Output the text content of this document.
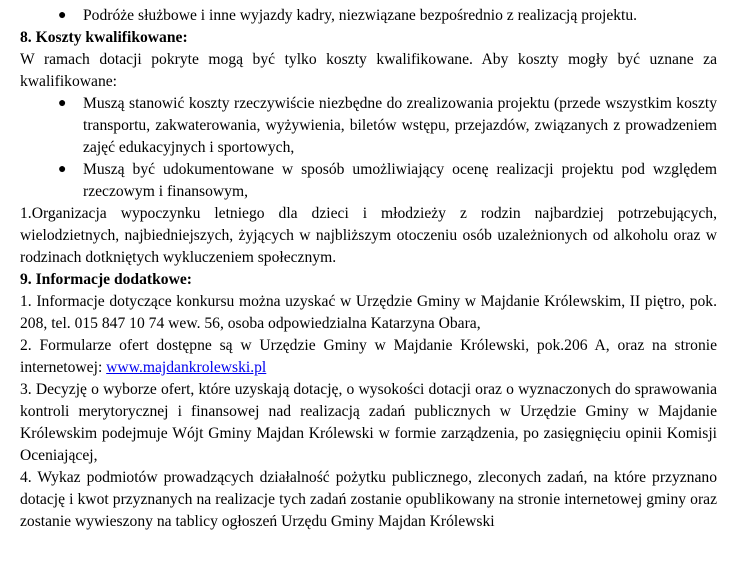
● Podróże służbowe i inne wyjazdy kadry, niezwiązane bezpośrednio z realizacją projektu.
8. Koszty kwalifikowane:
W ramach dotacji pokryte mogą być tylko koszty kwalifikowane. Aby koszty mogły być uznane za kwalifikowane:
● Muszą stanowić koszty rzeczywiście niezbędne do zrealizowania projektu (przede wszystkim koszty transportu, zakwaterowania, wyżywienia, biletów wstępu, przejazdów, związanych z prowadzeniem zajęć edukacyjnych i sportowych,
● Muszą być udokumentowane w sposób umożliwiający ocenę realizacji projektu pod względem rzeczowym i finansowym,
1.Organizacja wypoczynku letniego dla dzieci i młodzieży z rodzin najbardziej potrzebujących, wielodzietnych, najbiedniejszych, żyjących w najbliższym otoczeniu osób uzależnionych od alkoholu oraz w rodzinach dotkniętych wykluczeniem społecznym.
9. Informacje dodatkowe:
1. Informacje dotyczące konkursu można uzyskać w Urzędzie Gminy w Majdanie Królewskim, II piętro, pok. 208, tel. 015 847 10 74 wew. 56, osoba odpowiedzialna Katarzyna Obara,
2. Formularze ofert dostępne są w Urzędzie Gminy w Majdanie Królewski, pok.206 A, oraz na stronie internetowej: www.majdankrolewski.pl
3. Decyzję o wyborze ofert, które uzyskają dotację, o wysokości dotacji oraz o wyznaczonych do sprawowania kontroli merytorycznej i finansowej nad realizacją zadań publicznych w Urzędzie Gminy w Majdanie Królewskim podejmuje Wójt Gminy Majdan Królewski w formie zarządzenia, po zasięgnięciu opinii Komisji Oceniającej,
4. Wykaz podmiotów prowadzących działalność pożytku publicznego, zleconych zadań, na które przyznano dotację i kwot przyznanych na realizacje tych zadań zostanie opublikowany na stronie internetowej gminy oraz zostanie wywieszony na tablicy ogłoszeń Urzędu Gminy Majdan Królewski
